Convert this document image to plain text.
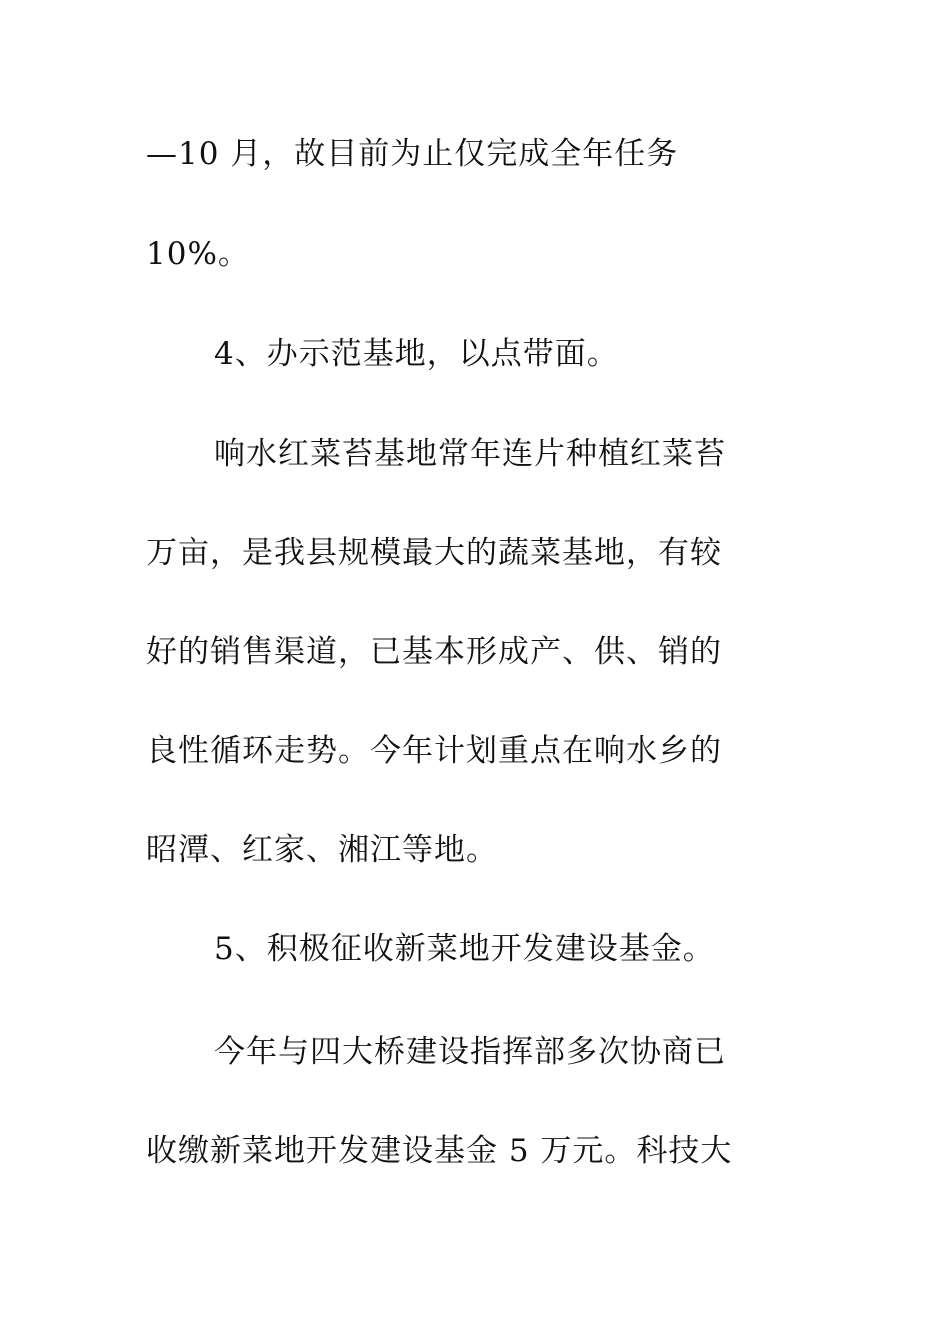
—10 月，故目前为止仅完成全年任务
10%。
4、办示范基地，以点带面。
响水红菜苔基地常年连片种植红菜苔
万亩，是我县规模最大的蔬菜基地，有较
好的销售渠道，已基本形成产、供、销的
良性循环走势。今年计划重点在响水乡的
昭潭、红家、湘江等地。
5、积极征收新菜地开发建设基金。
今年与四大桥建设指挥部多次协商已
收缴新菜地开发建设基金 5 万元。科技大
